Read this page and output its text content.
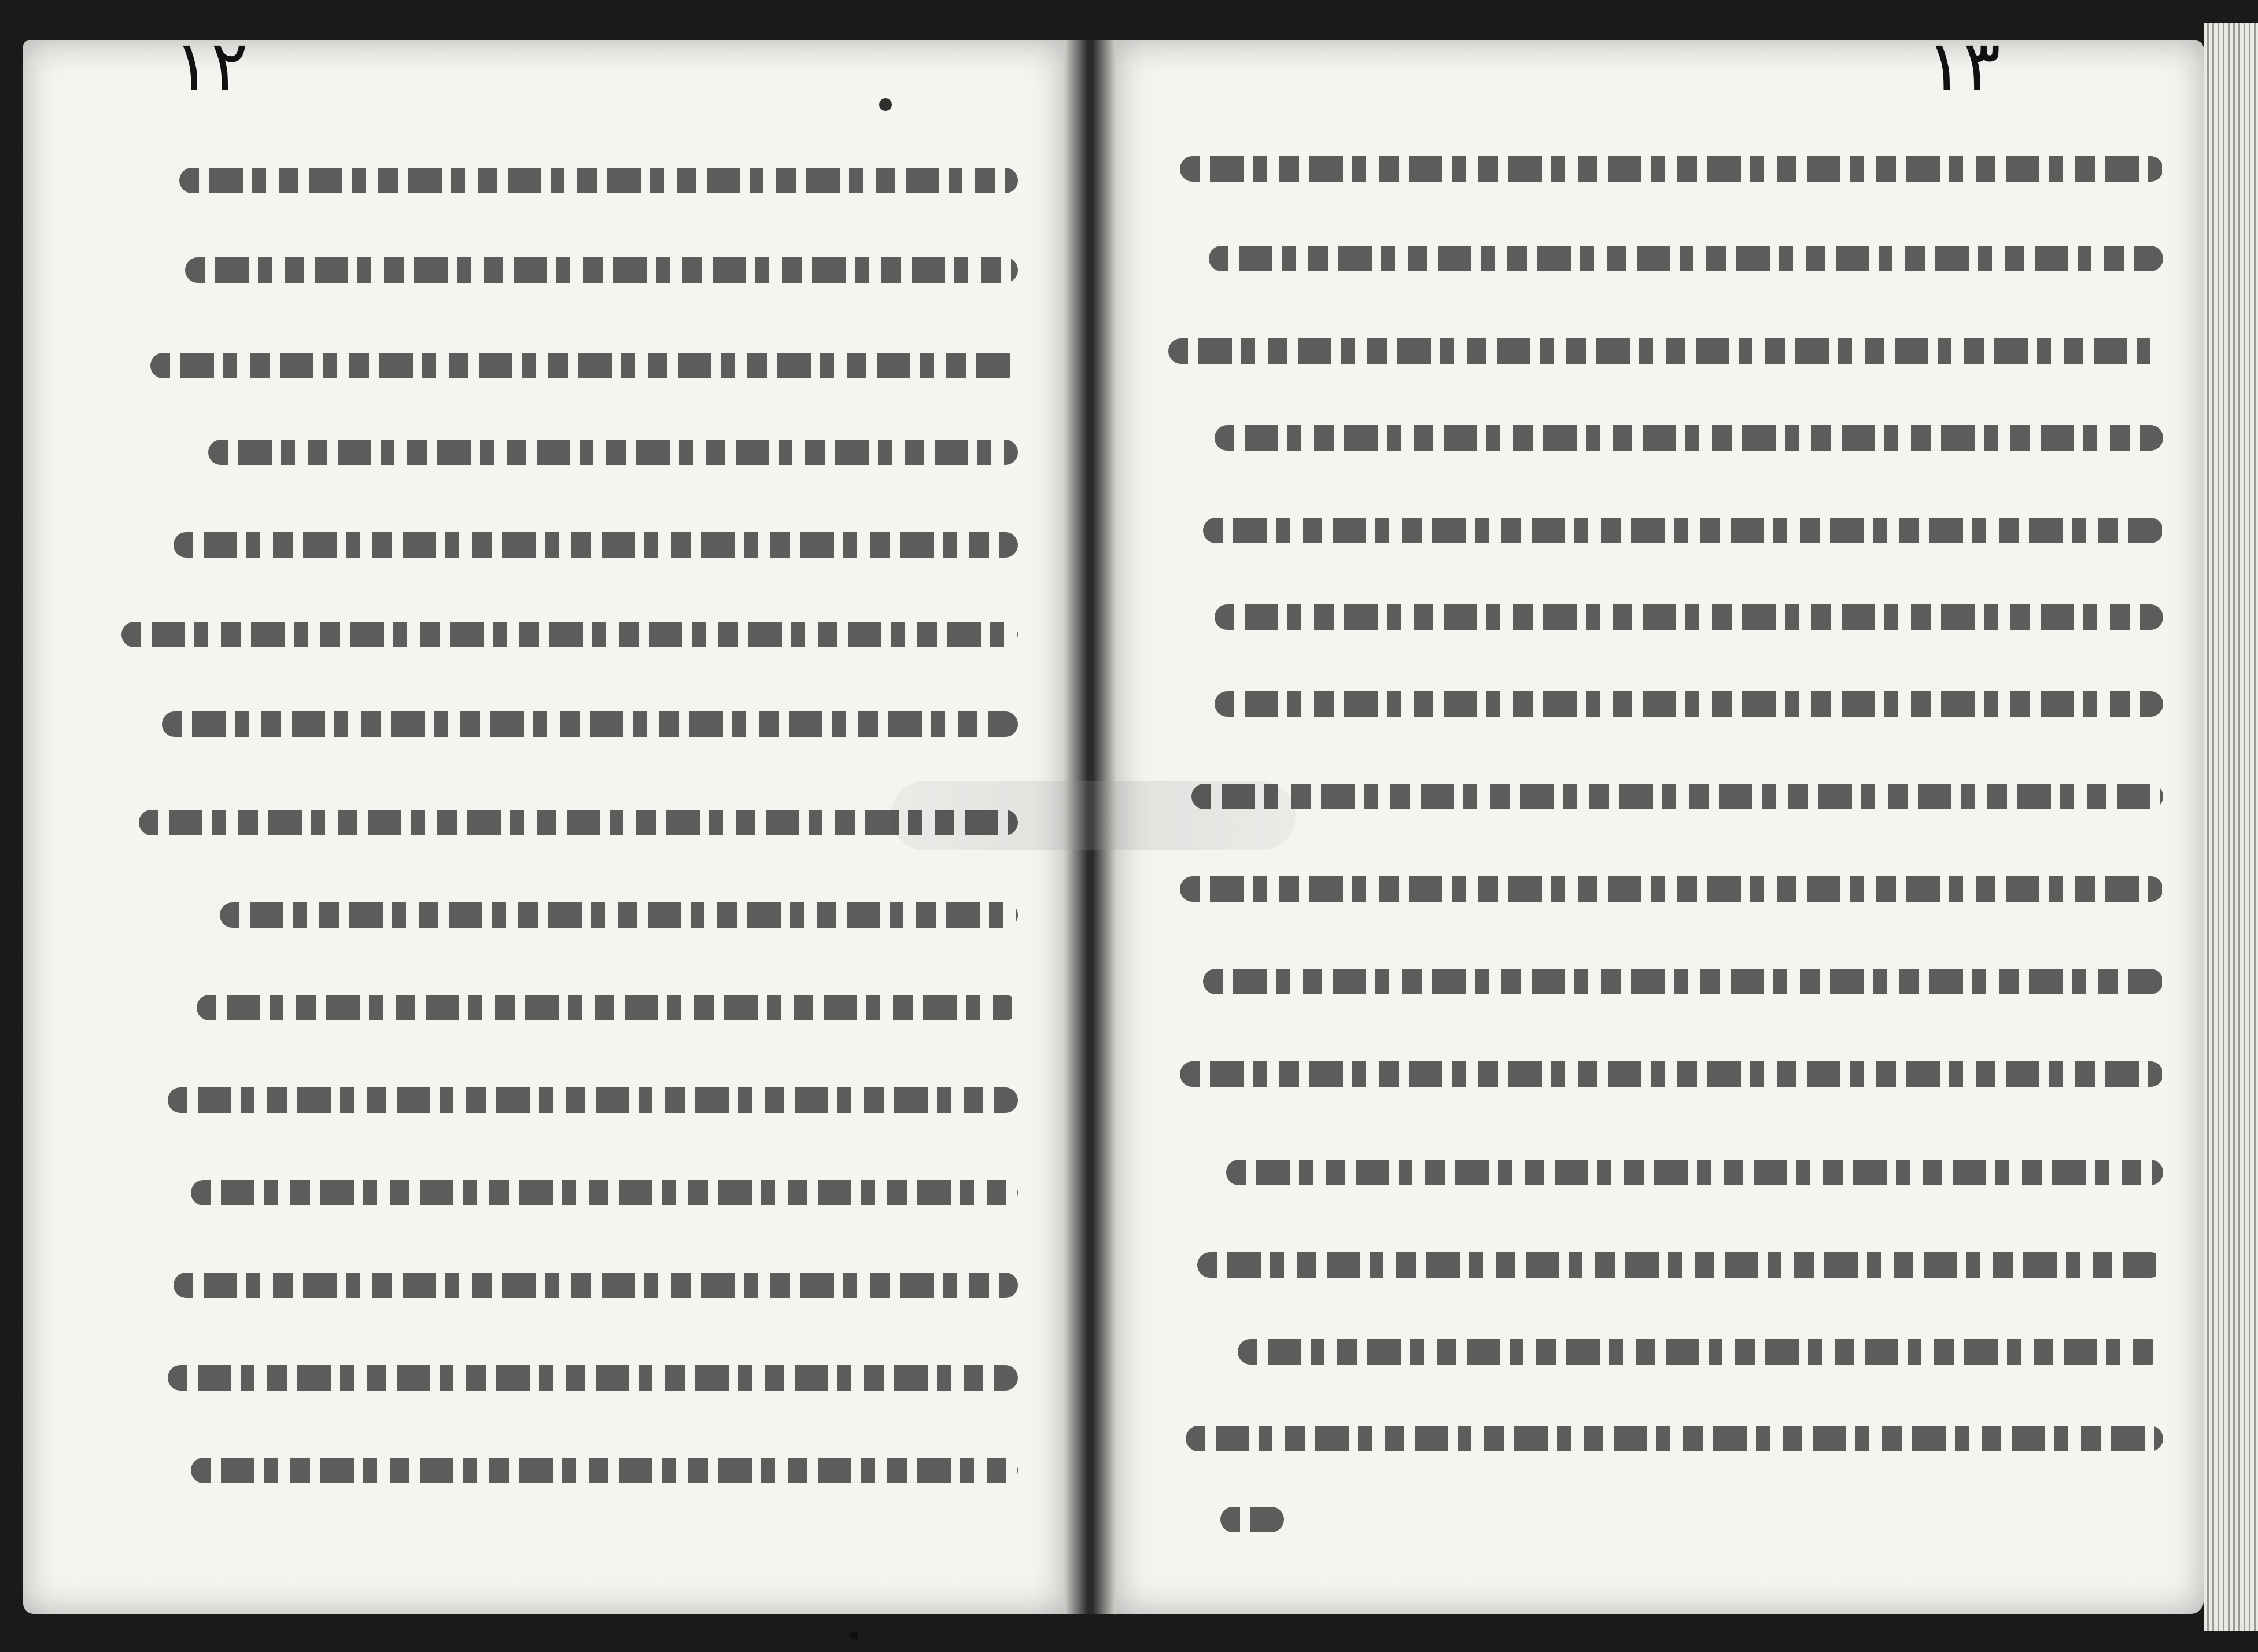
١٢	١٣
